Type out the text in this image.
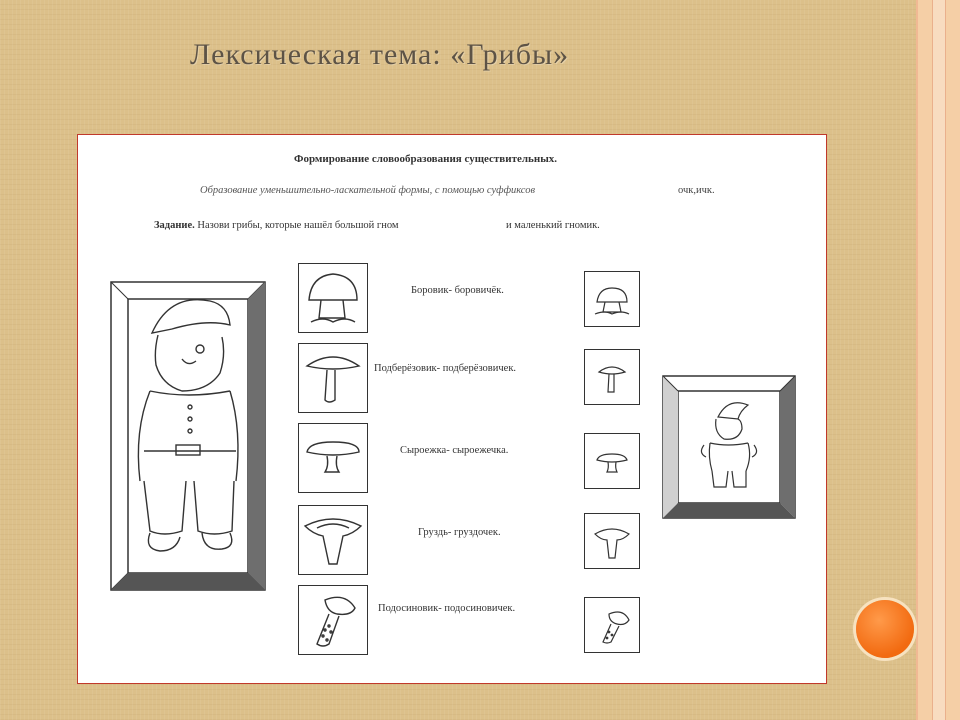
Лексическая тема: «Грибы»
Формирование словообразования существительных.
Образование уменьшительно-ласкательной формы, с помощью суффиксов	очк,ичк.
Задание. Назови грибы, которые нашёл большой гном	и маленький гномик.
Боровик- боровичёк.
Подберёзовик- подберёзовичек.
Сыроежка- сыроежечка.
Груздь- груздочек.
Подосиновик- подосиновичек.
